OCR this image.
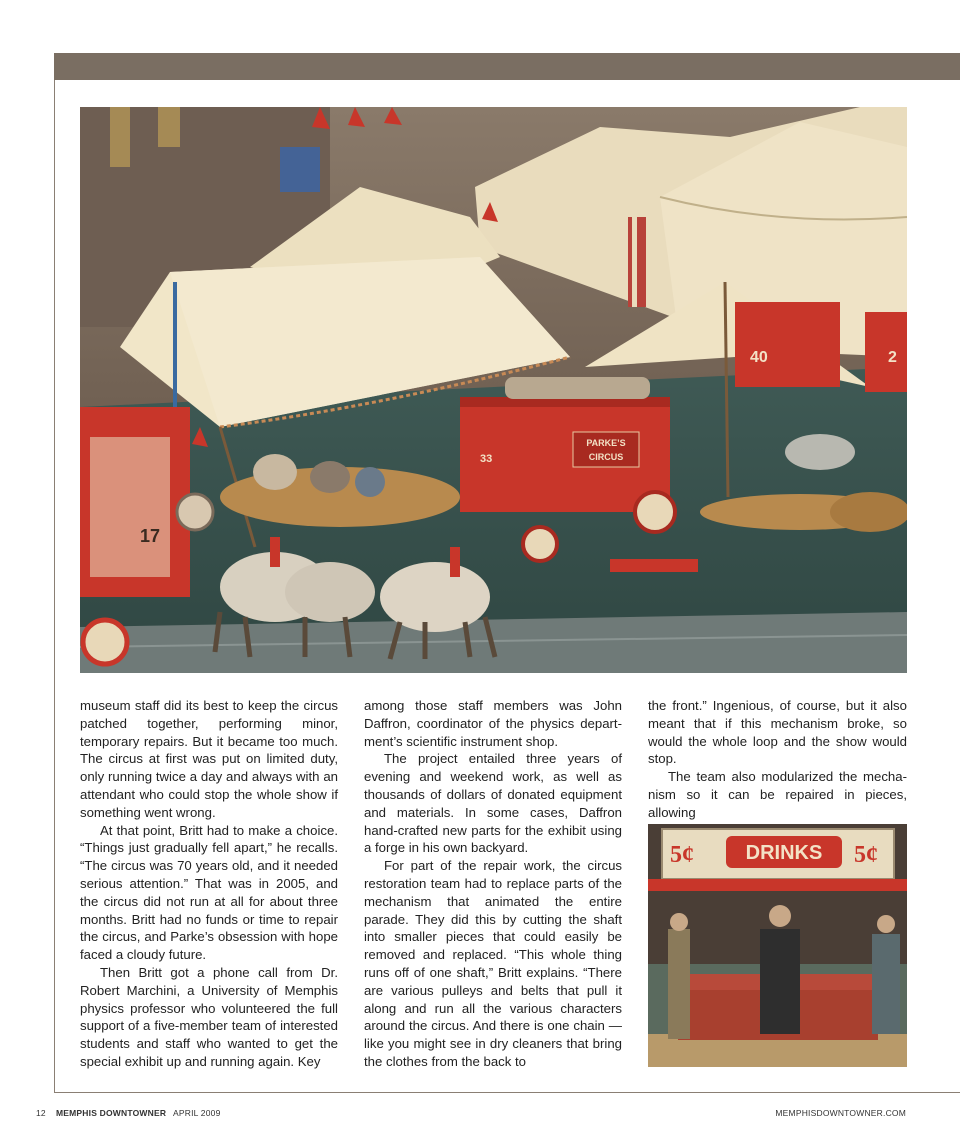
40	2
PARKE’S
CIRCUS
33
17

museum staff did its best to keep the circus patched together, performing minor, temporary repairs. But it became too much. The circus at first was put on limited duty, only running twice a day and always with an attendant who could stop the whole show if something went wrong.

At that point, Britt had to make a choice. “Things just gradually fell apart,” he recalls. “The circus was 70 years old, and it needed serious attention.” That was in 2005, and the circus did not run at all for about three months. Britt had no funds or time to repair the circus, and Parke’s obsession with hope faced a cloudy future.

Then Britt got a phone call from Dr. Robert Marchini, a University of Memphis physics professor who volunteered the full support of a five-member team of interested students and staff who wanted to get the special exhibit up and running again. Key

among those staff members was John Daffron, coordinator of the physics depart-ment’s scientific instrument shop.

The project entailed three years of evening and weekend work, as well as thousands of dollars of donated equipment and materials. In some cases, Daffron hand-crafted new parts for the exhibit using a forge in his own backyard.

For part of the repair work, the circus restoration team had to replace parts of the mechanism that animated the entire parade. They did this by cutting the shaft into smaller pieces that could easily be removed and replaced. “This whole thing runs off of one shaft,” Britt explains. “There are various pulleys and belts that pull it along and run all the various characters around the circus. And there is one chain — like you might see in dry cleaners that bring the clothes from the back to

the front.” Ingenious, of course, but it also meant that if this mechanism broke, so would the whole loop and the show would stop.

The team also modularized the mecha-nism so it can be repaired in pieces, allowing

DRINKS
5¢	5¢
12 MEMPHIS DOWNTOWNER APRIL 2009	MEMPHISDOWNTOWNER.COM
